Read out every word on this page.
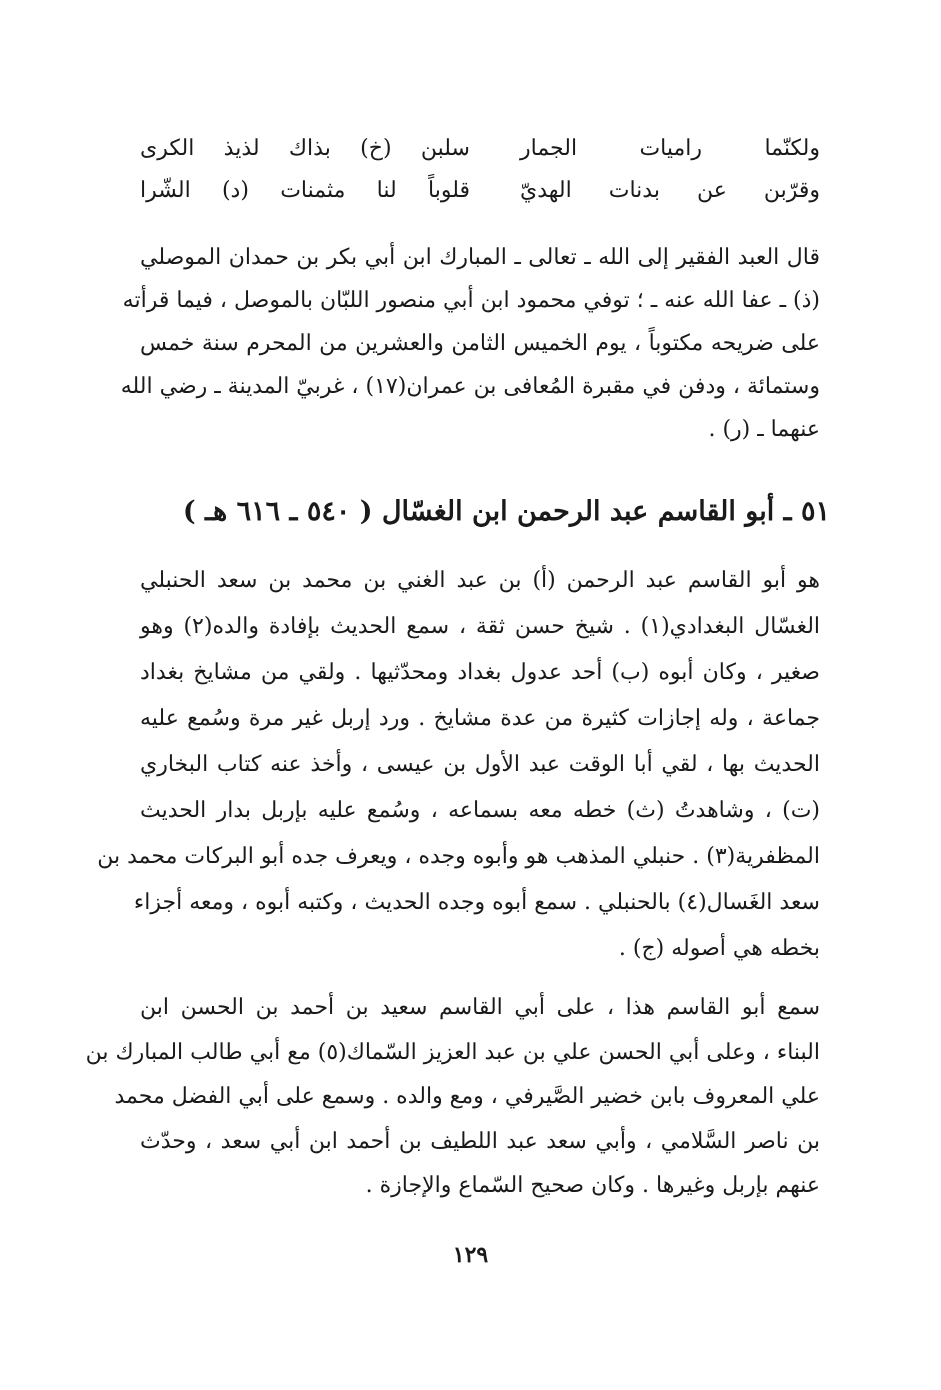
ولكنّما راميات الجمار
سلبن (خ) بذاك لذيذ الكرى
وقرّبن عن بدنات الهديّ
قلوباً لنا مثمنات (د) الشّرا
قال العبد الفقير إلى الله ـ تعالى ـ المبارك ابن أبي بكر بن حمدان الموصلي
(ذ) ـ عفا الله عنه ـ ؛ توفي محمود ابن أبي منصور اللبّان بالموصل ، فيما قرأته
على ضريحه مكتوباً ، يوم الخميس الثامن والعشرين من المحرم سنة خمس
وستمائة ، ودفن في مقبرة المُعافى بن عمران(١٧) ، غربيّ المدينة ـ رضي الله
عنهما ـ (ر) .
٥١ ـ أبو القاسم عبد الرحمن ابن الغسّال ( ٥٤٠ ـ ٦١٦ هـ )
هو أبو القاسم عبد الرحمن (أ) بن عبد الغني بن محمد بن سعد الحنبلي
الغسّال البغدادي(١) . شيخ حسن ثقة ، سمع الحديث بإفادة والده(٢) وهو
صغير ، وكان أبوه (ب) أحد عدول بغداد ومحدّثيها . ولقي من مشايخ بغداد
جماعة ، وله إجازات كثيرة من عدة مشايخ . ورد إربل غير مرة وسُمع عليه
الحديث بها ، لقي أبا الوقت عبد الأول بن عيسى ، وأخذ عنه كتاب البخاري
(ت) ، وشاهدتُ (ث) خطه معه بسماعه ، وسُمع عليه بإربل بدار الحديث
المظفرية(٣) . حنبلي المذهب هو وأبوه وجده ، ويعرف جده أبو البركات محمد بن
سعد الغَسال(٤) بالحنبلي . سمع أبوه وجده الحديث ، وكتبه أبوه ، ومعه أجزاء
بخطه هي أصوله (ج) .
سمع أبو القاسم هذا ، على أبي القاسم سعيد بن أحمد بن الحسن ابن
البناء ، وعلى أبي الحسن علي بن عبد العزيز السّماك(٥) مع أبي طالب المبارك بن
علي المعروف بابن خضير الصَّيرفي ، ومع والده . وسمع على أبي الفضل محمد
بن ناصر السَّلامي ، وأبي سعد عبد اللطيف بن أحمد ابن أبي سعد ، وحدّث
عنهم بإربل وغيرها . وكان صحيح السّماع والإجازة .
١٢٩
